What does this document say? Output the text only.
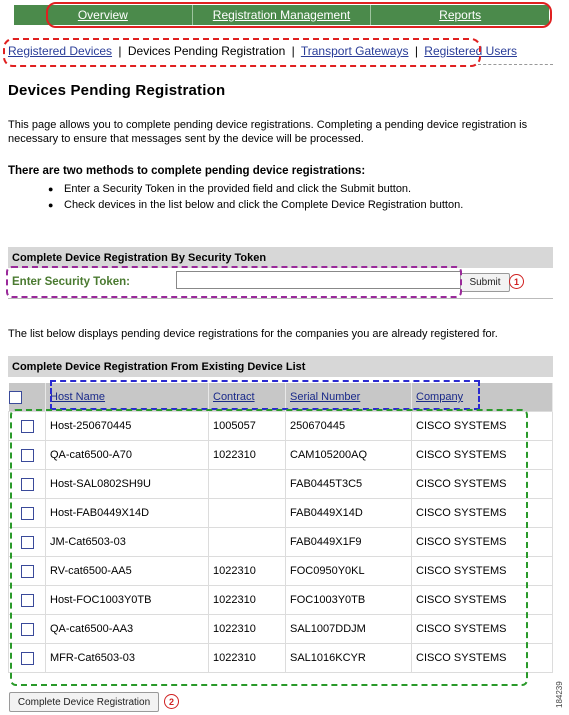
Overview	Registration Management	Reports
Registered Devices | Devices Pending Registration | Transport Gateways | Registered Users
Devices Pending Registration
This page allows you to complete pending device registrations. Completing a pending device registration is necessary to ensure that messages sent by the device will be processed.
There are two methods to complete pending device registrations:
● Enter a Security Token in the provided field and click the Submit button.
● Check devices in the list below and click the Complete Device Registration button.
Complete Device Registration By Security Token
Enter Security Token:	Submit	1
The list below displays pending device registrations for the companies you are already registered for.
Complete Device Registration From Existing Device List
	Host Name	Contract	Serial Number	Company
	Host-250670445	1005057	250670445	CISCO SYSTEMS
	QA-cat6500-A70	1022310	CAM105200AQ	CISCO SYSTEMS
	Host-SAL0802SH9U		FAB0445T3C5	CISCO SYSTEMS
	Host-FAB0449X14D		FAB0449X14D	CISCO SYSTEMS
	JM-Cat6503-03		FAB0449X1F9	CISCO SYSTEMS
	RV-cat6500-AA5	1022310	FOC0950Y0KL	CISCO SYSTEMS
	Host-FOC1003Y0TB	1022310	FOC1003Y0TB	CISCO SYSTEMS
	QA-cat6500-AA3	1022310	SAL1007DDJM	CISCO SYSTEMS
	MFR-Cat6503-03	1022310	SAL1016KCYR	CISCO SYSTEMS
Complete Device Registration	2	184239
